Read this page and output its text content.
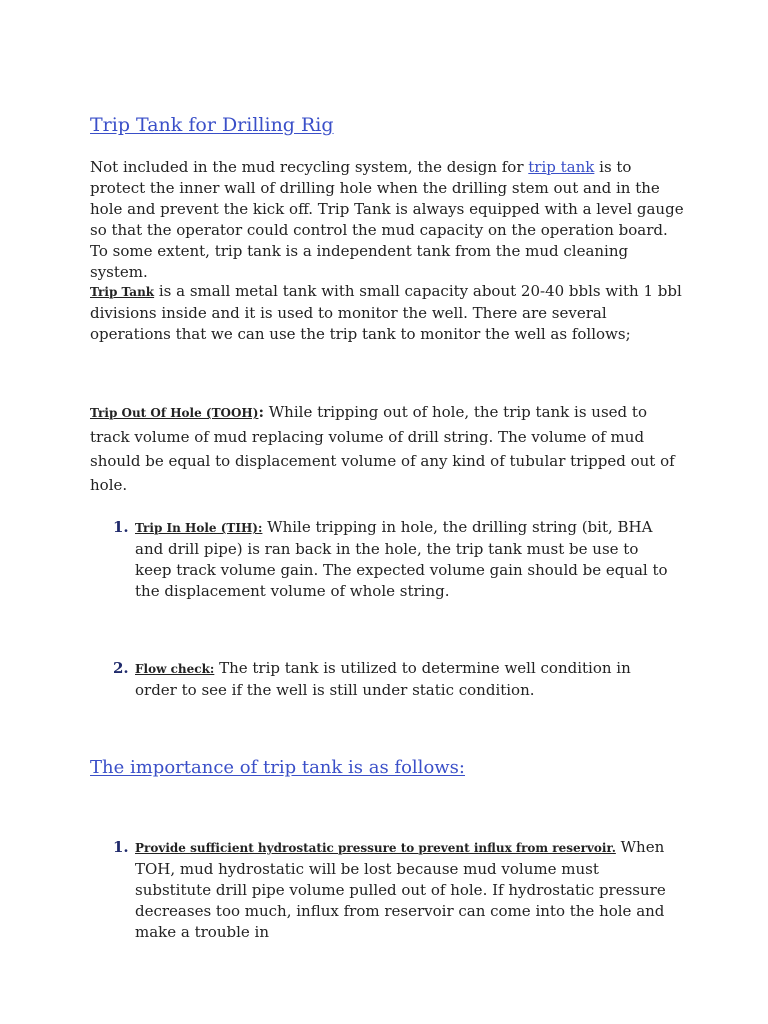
Trip Tank for Drilling Rig

Not included in the mud recycling system, the design for trip tank is to protect the inner wall of drilling hole when the drilling stem out and in the hole and prevent the kick off. Trip Tank is always equipped with a level gauge so that the operator could control the mud capacity on the operation board. To some extent, trip tank is a independent tank from the mud cleaning system.

Trip Tank is a small metal tank with small capacity about 20-40 bbls with 1 bbl divisions inside and it is used to monitor the well. There are several operations that we can use the trip tank to monitor the well as follows;

Trip Out Of Hole (TOOH): While tripping out of hole, the trip tank is used to track volume of mud replacing volume of drill string. The volume of mud should be equal to displacement volume of any kind of tubular tripped out of hole.

1. Trip In Hole (TIH): While tripping in hole, the drilling string (bit, BHA and drill pipe) is ran back in the hole, the trip tank must be use to keep track volume gain. The expected volume gain should be equal to the displacement volume of whole string.

2. Flow check: The trip tank is utilized to determine well condition in order to see if the well is still under static condition.

The importance of trip tank is as follows:
1. Provide sufficient hydrostatic pressure to prevent influx from reservoir. When TOH, mud hydrostatic will be lost because mud volume must substitute drill pipe volume pulled out of hole. If hydrostatic pressure decreases too much, influx from reservoir can come into the hole and make a trouble in
